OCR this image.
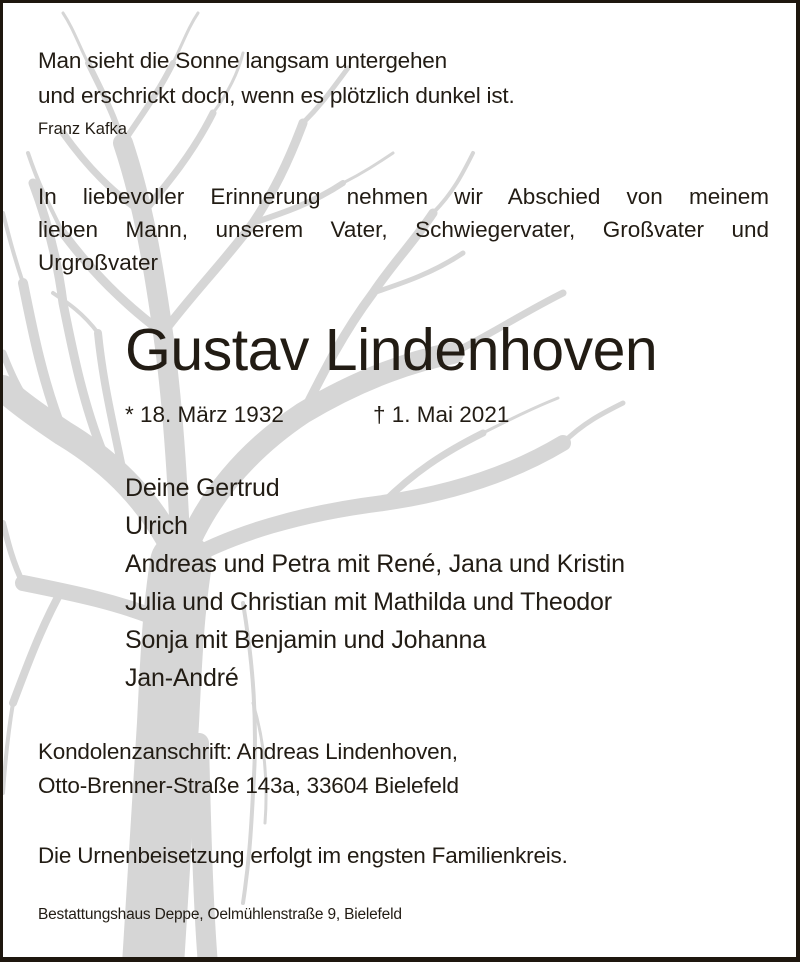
Man sieht die Sonne langsam untergehen
und erschrickt doch, wenn es plötzlich dunkel ist.
Franz Kafka
In liebevoller Erinnerung nehmen wir Abschied von meinem
lieben Mann, unserem Vater, Schwiegervater, Großvater und
Urgroßvater
Gustav Lindenhoven
* 18. März 1932	† 1. Mai 2021
Deine Gertrud
Ulrich
Andreas und Petra mit René, Jana und Kristin
Julia und Christian mit Mathilda und Theodor
Sonja mit Benjamin und Johanna
Jan-André
Kondolenzanschrift: Andreas Lindenhoven,
Otto-Brenner-Straße 143a, 33604 Bielefeld
Die Urnenbeisetzung erfolgt im engsten Familienkreis.
Bestattungshaus Deppe, Oelmühlenstraße 9, Bielefeld
